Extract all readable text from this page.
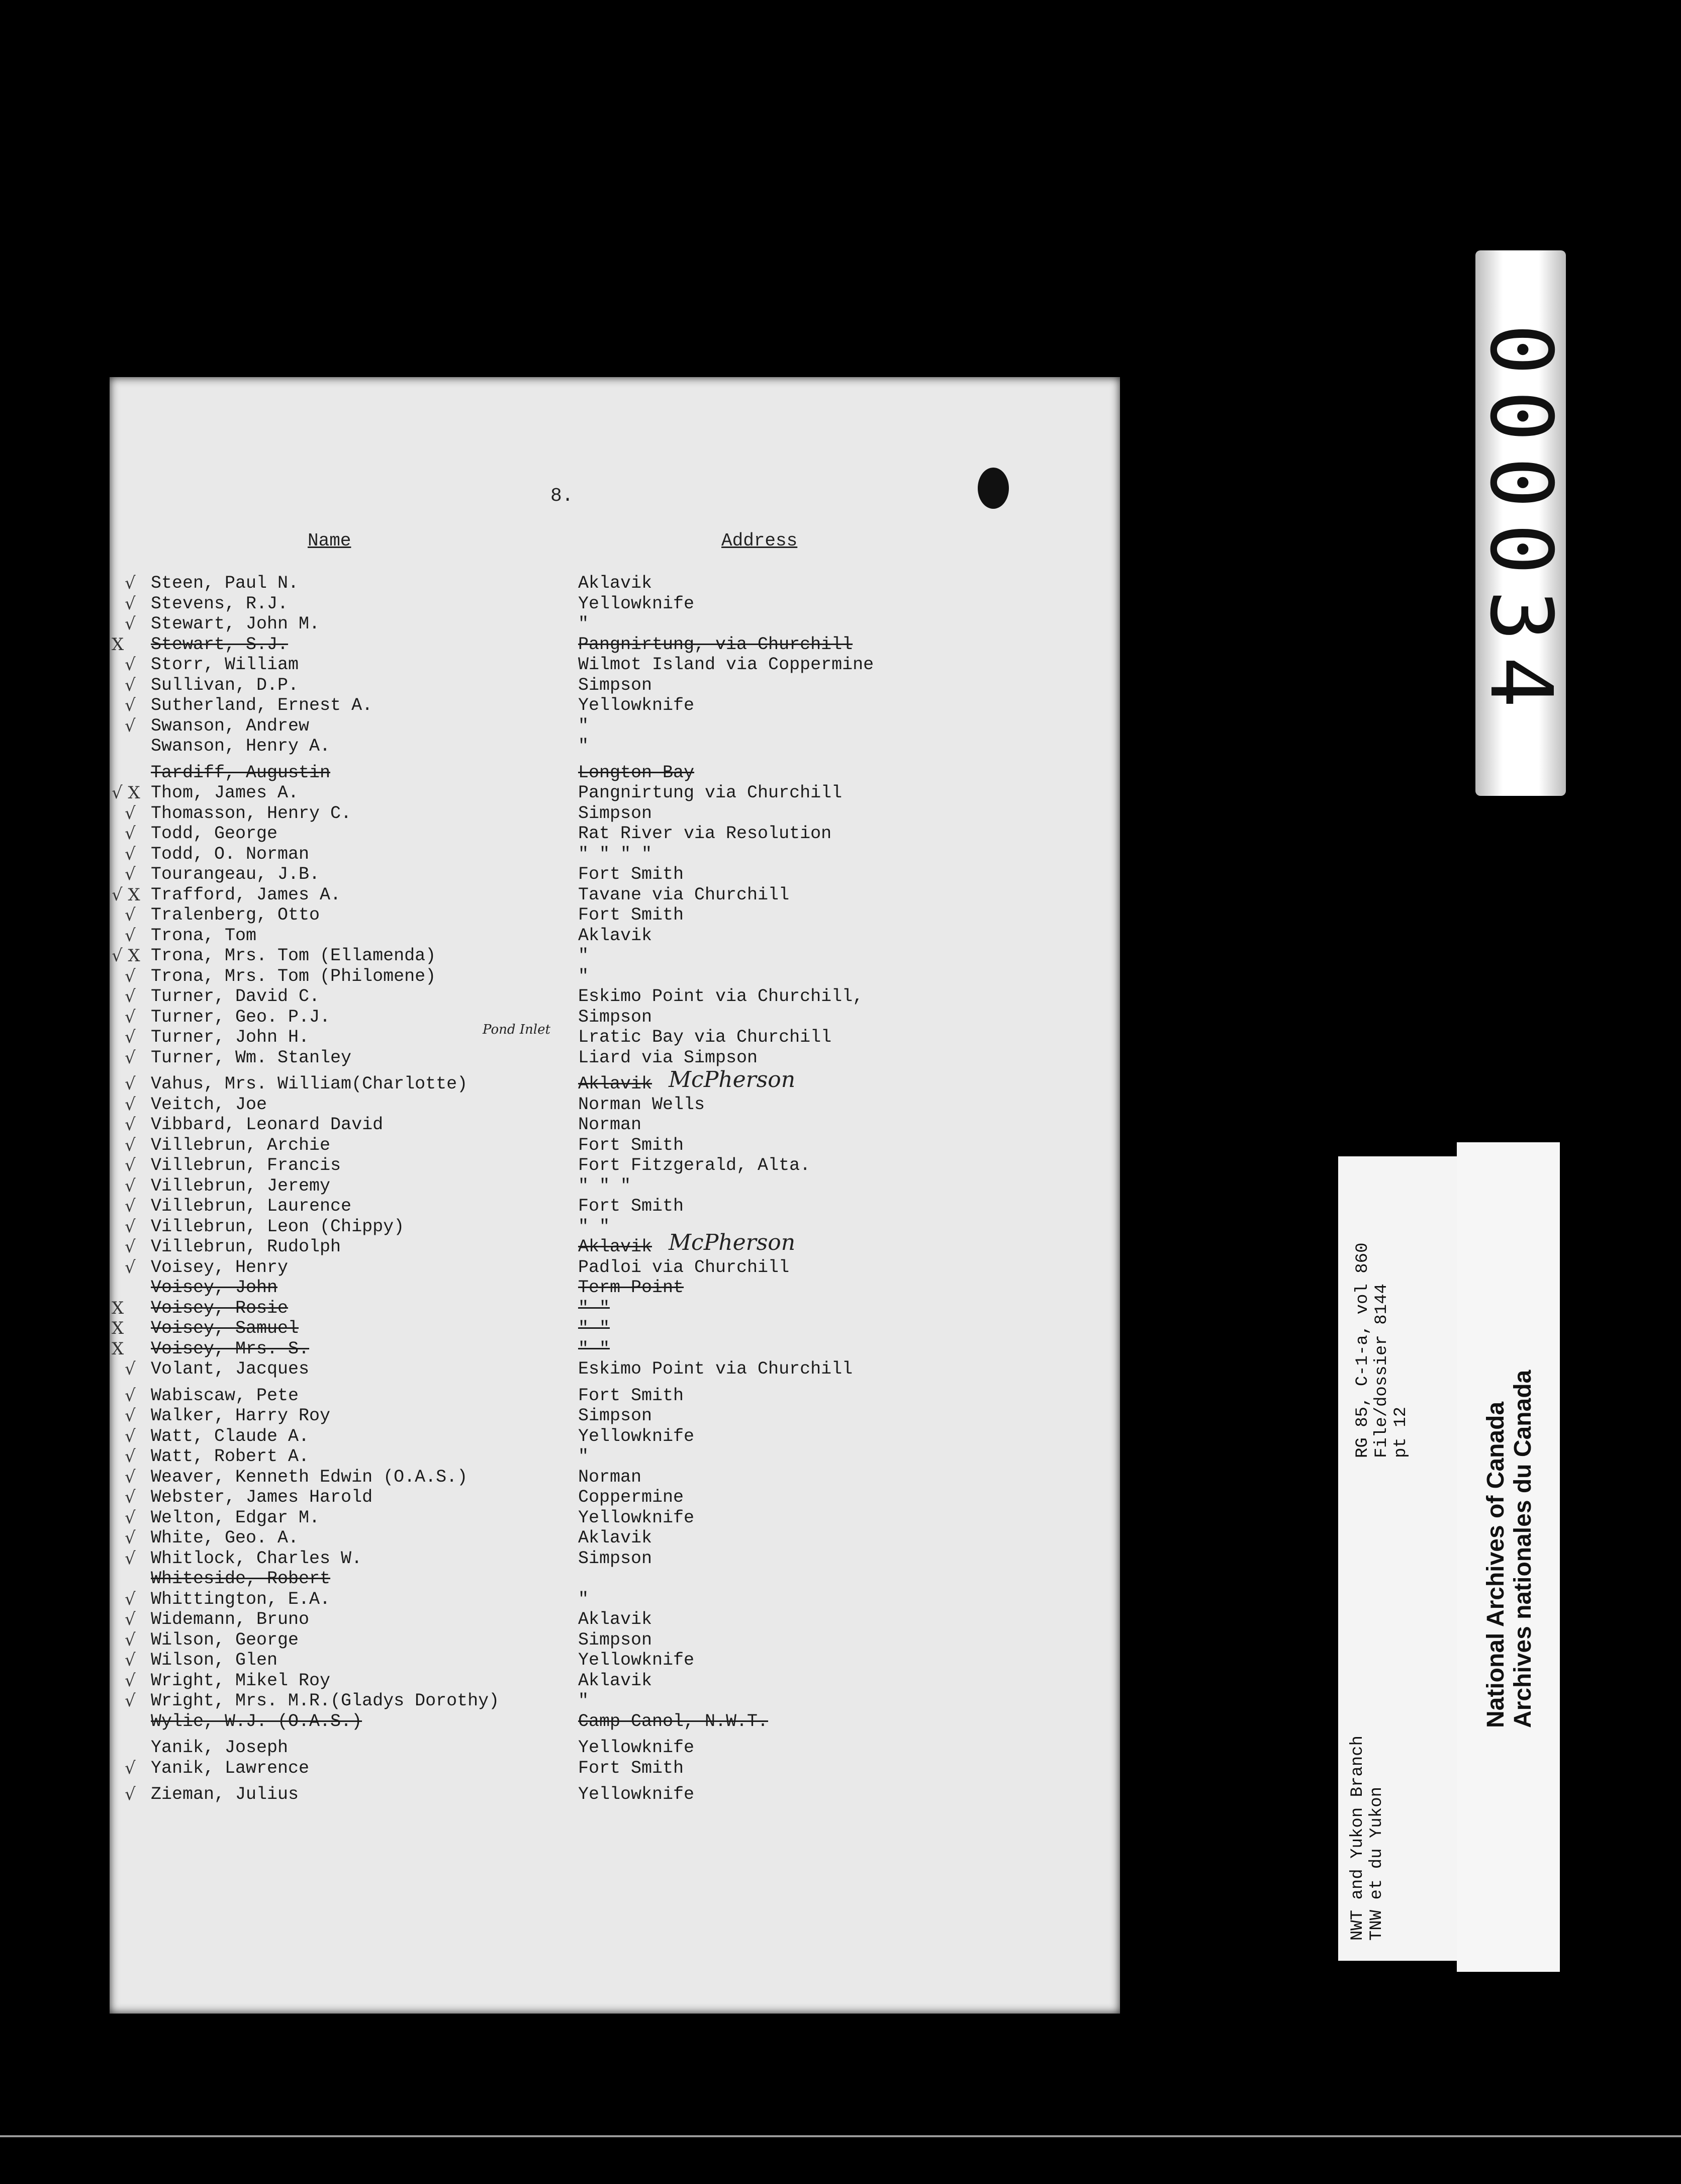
8.
Name	Address
√ Steen, Paul N.	Aklavik
√ Stevens, R.J.	Yellowknife
√ Stewart, John M.	"
X Stewart, S.J.	Pangnirtung, via Churchill
√ Storr, William	Wilmot Island via Coppermine
√ Sullivan, D.P.	Simpson
√ Sutherland, Ernest A.	Yellowknife
√ Swanson, Andrew	"
Swanson, Henry A.	"
Tardiff, Augustin	Longton Bay
√ X Thom, James A.	Pangnirtung via Churchill
√ Thomasson, Henry C.	Simpson
√ Todd, George	Rat River via Resolution
√ Todd, O. Norman	" " " "
√ Tourangeau, J.B.	Fort Smith
√ X Trafford, James A.	Tavane via Churchill
√ Tralenberg, Otto	Fort Smith
√ Trona, Tom	Aklavik
√ X Trona, Mrs. Tom (Ellamenda)	"
√ Trona, Mrs. Tom (Philomene)	"
√ Turner, David C.	Eskimo Point via Churchill,
√ Turner, Geo. P.J.	Simpson
√ Turner, John H.	Lratic Bay via Churchill
Pond Inlet
√ Turner, Wm. Stanley	Liard via Simpson
√ Vahus, Mrs. William(Charlotte)	Aklavik McPherson
√ Veitch, Joe	Norman Wells
√ Vibbard, Leonard David	Norman
√ Villebrun, Archie	Fort Smith
√ Villebrun, Francis	Fort Fitzgerald, Alta.
√ Villebrun, Jeremy	" " "
√ Villebrun, Laurence	Fort Smith
√ Villebrun, Leon (Chippy)	" "
√ Villebrun, Rudolph	Aklavik McPherson
√ Voisey, Henry	Padloi via Churchill
Voisey, John	Term Point
X Voisey, Rosie	" "
X Voisey, Samuel	" "
X Voisey, Mrs. S.	" "
√ Volant, Jacques	Eskimo Point via Churchill
√ Wabiscaw, Pete	Fort Smith
√ Walker, Harry Roy	Simpson
√ Watt, Claude A.	Yellowknife
√ Watt, Robert A.	"
√ Weaver, Kenneth Edwin (O.A.S.)	Norman
√ Webster, James Harold	Coppermine
√ Welton, Edgar M.	Yellowknife
√ White, Geo. A.	Aklavik
√ Whitlock, Charles W.	Simpson
Whiteside, Robert
√ Whittington, E.A.	"
√ Widemann, Bruno	Aklavik
√ Wilson, George	Simpson
√ Wilson, Glen	Yellowknife
√ Wright, Mikel Roy	Aklavik
√ Wright, Mrs. M.R.(Gladys Dorothy)	"
Wylie, W.J. (O.A.S.)	Camp Canol, N.W.T.
Yanik, Joseph	Yellowknife
√ Yanik, Lawrence	Fort Smith
√ Zieman, Julius	Yellowknife
000034
RG 85, C-1-a, vol 860 File/dossier 8144 pt 12
NWT and Yukon Branch TNW et du Yukon
National Archives of Canada Archives nationales du Canada
